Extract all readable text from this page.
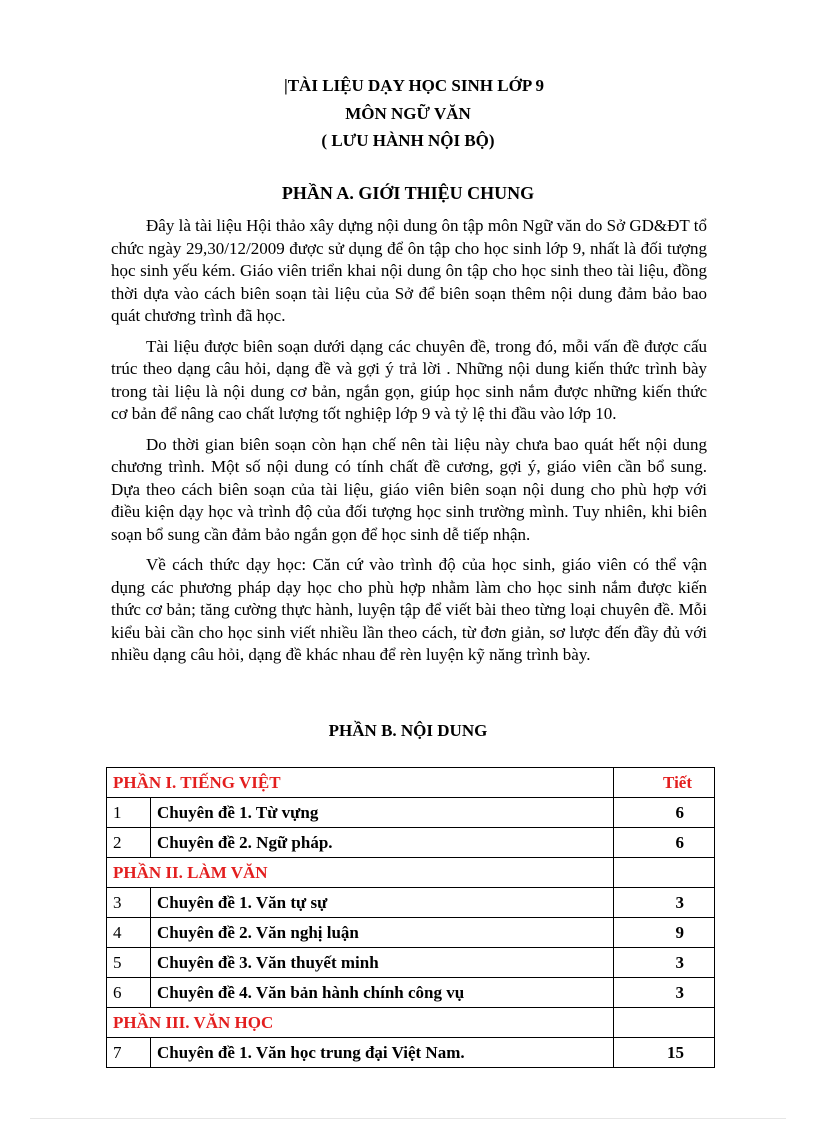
|TÀI LIỆU DẠY HỌC SINH LỚP 9
MÔN NGỮ VĂN
( LƯU HÀNH NỘI BỘ)
PHẦN A. GIỚI THIỆU CHUNG

Đây là tài liệu Hội thảo xây dựng nội dung ôn tập môn Ngữ văn do Sở GD&ĐT tổ chức ngày 29,30/12/2009 được sử dụng để ôn tập cho học sinh lớp 9, nhất là đối tượng học sinh yếu kém. Giáo viên triển khai nội dung ôn tập cho học sinh theo tài liệu, đồng thời dựa vào cách biên soạn tài liệu của Sở để biên soạn thêm nội dung đảm bảo bao quát chương trình đã học.

Tài liệu được biên soạn dưới dạng các chuyên đề, trong đó, mỗi vấn đề được cấu trúc theo dạng câu hỏi, dạng đề và gợi ý trả lời . Những nội dung kiến thức trình bày trong tài liệu là nội dung cơ bản, ngắn gọn, giúp học sinh nắm được những kiến thức cơ bản để nâng cao chất lượng tốt nghiệp lớp 9 và tỷ lệ thi đầu vào lớp 10.

Do thời gian biên soạn còn hạn chế nên tài liệu này chưa bao quát hết nội dung chương trình. Một số nội dung có tính chất đề cương, gợi ý, giáo viên cần bổ sung. Dựa theo cách biên soạn của tài liệu, giáo viên biên soạn nội dung cho phù hợp với điều kiện dạy học và trình độ của đối tượng học sinh trường mình. Tuy nhiên, khi biên soạn bổ sung cần đảm bảo ngắn gọn để học sinh dễ tiếp nhận.

Về cách thức dạy học: Căn cứ vào trình độ của học sinh, giáo viên có thể vận dụng các phương pháp dạy học cho phù hợp nhằm làm cho học sinh nắm được kiến thức cơ bản; tăng cường thực hành, luyện tập để viết bài theo từng loại chuyên đề. Mỗi kiểu bài cần cho học sinh viết nhiều lần theo cách, từ đơn giản, sơ lược đến đầy đủ với nhiều dạng câu hỏi, dạng đề khác nhau để rèn luyện kỹ năng trình bày.

PHẦN B. NỘI DUNG
PHẦN I. TIẾNG VIỆT		Tiết
1	Chuyên đề 1. Từ vựng	6
2	Chuyên đề 2. Ngữ pháp.	6
PHẦN II. LÀM VĂN		
3	Chuyên đề 1. Văn tự sự	3
4	Chuyên đề 2. Văn nghị luận	9
5	Chuyên đề 3. Văn thuyết minh	3
6	Chuyên đề 4. Văn bản hành chính công vụ	3
PHẦN III. VĂN HỌC		
7	Chuyên đề 1. Văn học trung đại Việt Nam.	15
